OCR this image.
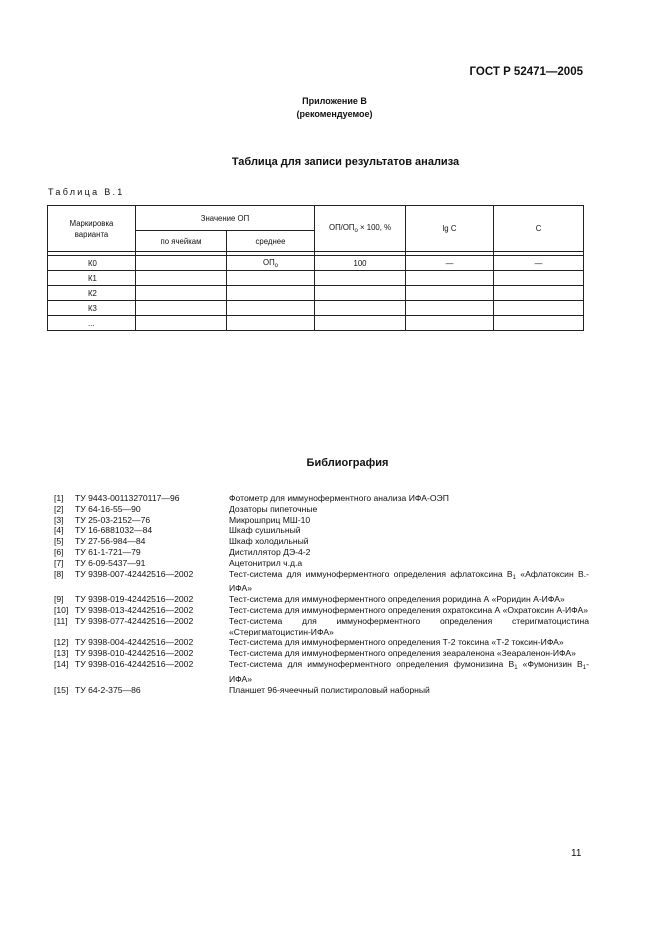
ГОСТ Р 52471—2005
Приложение В
(рекомендуемое)
Таблица для записи результатов анализа
Таблица В.1
Маркировка варианта	Значение ОП		$ОП/ОП_о \times 100$, %	lg C	С
	по ячейкам	среднее			

К0		$ОП_о$	100	—	—
К1					
К2					
К3					
...					
Библиография
[1] ТУ 9443-00113270117—96	Фотометр для иммуноферментного анализа ИФА-ОЭП
[2] ТУ 64-16-55—90	Дозаторы пипеточные
[3] ТУ 25-03-2152—76	Микрошприц МШ-10
[4] ТУ 16-6881032—84	Шкаф сушильный
[5] ТУ 27-56-984—84	Шкаф холодильный
[6] ТУ 61-1-721—79	Дистиллятор ДЭ-4-2
[7] ТУ 6-09-5437—91	Ацетонитрил ч.д.а
[8] ТУ 9398-007-42442516—2002	Тест-система для иммуноферментного определения афлатоксина $В_1$ «Афлатоксин В.-ИФА»
[9] ТУ 9398-019-42442516—2002	Тест-система для иммуноферментного определения роридина А «Роридин А-ИФА»
[10] ТУ 9398-013-42442516—2002	Тест-система для иммуноферментного определения охратоксина А «Охратоксин А-ИФА»
[11] ТУ 9398-077-42442516—2002	Тест-система для иммуноферментного определения стеригматоцистина «Стеригматоцистин-ИФА»
[12] ТУ 9398-004-42442516—2002	Тест-система для иммуноферментного определения Т-2 токсина «Т-2 токсин-ИФА»
[13] ТУ 9398-010-42442516—2002	Тест-система для иммуноферментного определения зеараленона «Зеараленон-ИФА»
[14] ТУ 9398-016-42442516—2002	Тест-система для иммуноферментного определения фумонизина $В_1$ «Фумонизин $В_1$-ИФА»
[15] ТУ 64-2-375—86	Планшет 96-ячеечный полистироловый наборный
11
